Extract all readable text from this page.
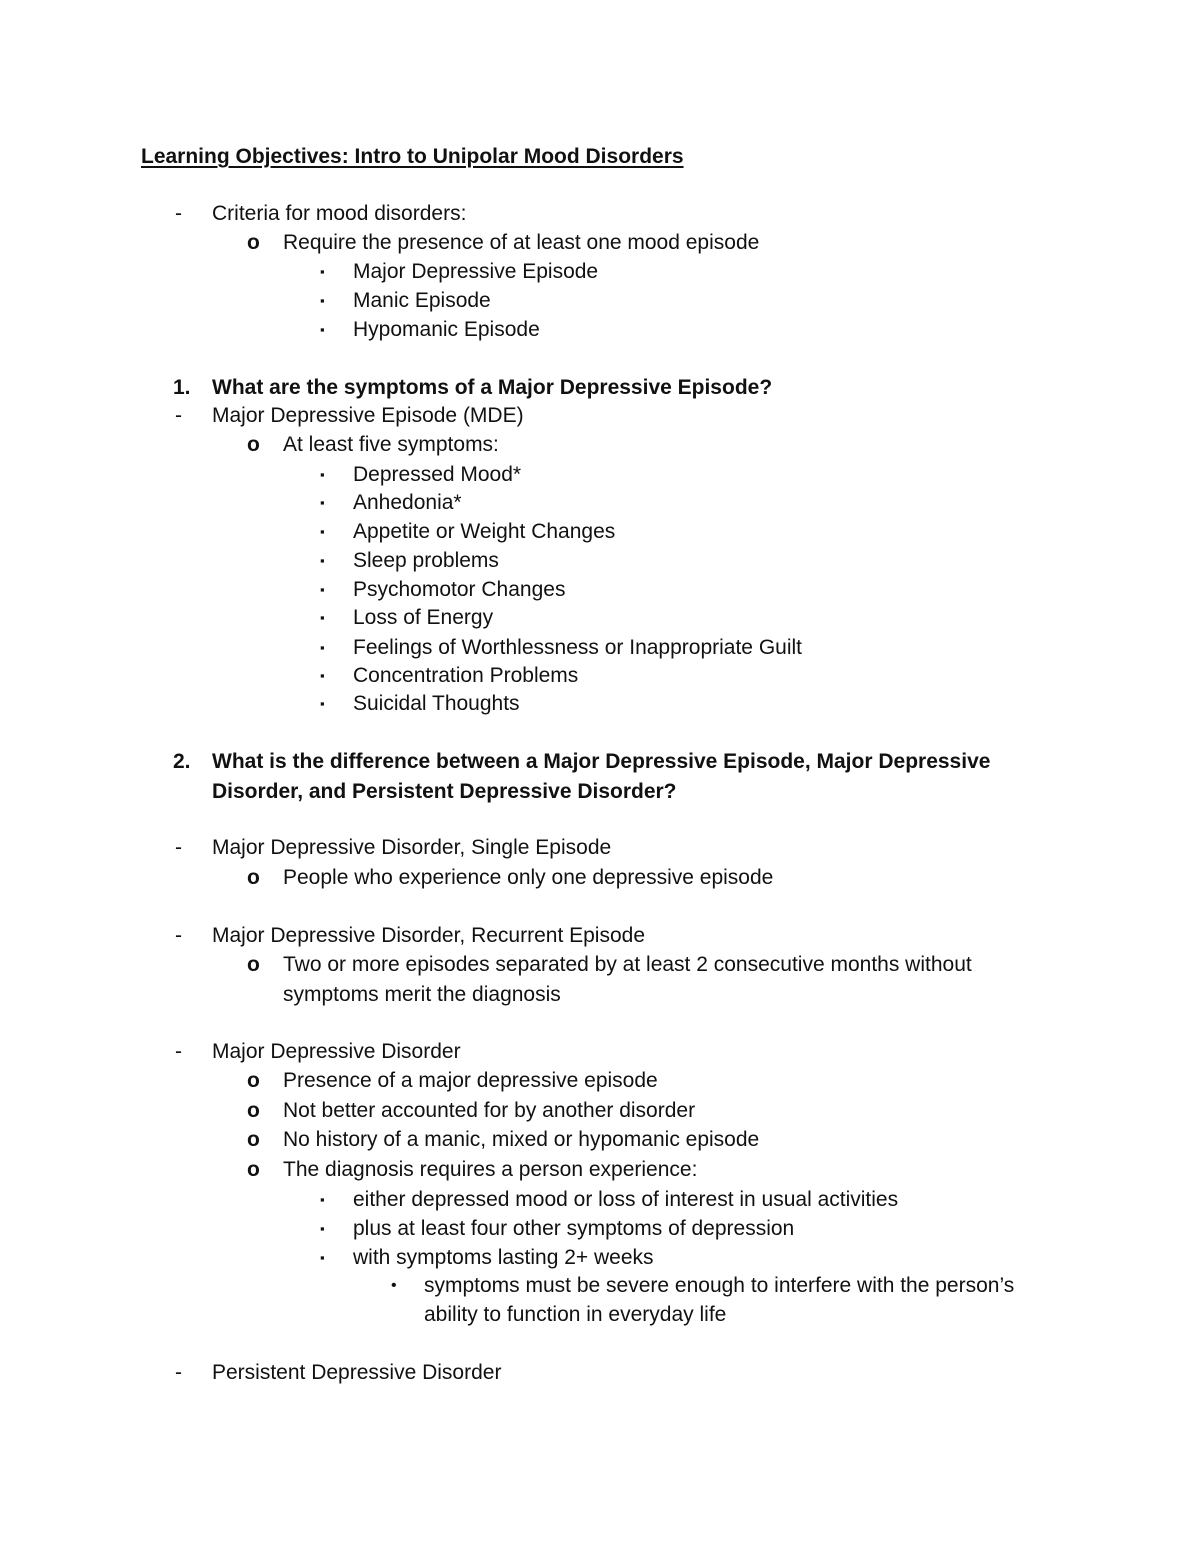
Learning Objectives: Intro to Unipolar Mood Disorders
- Criteria for mood disorders:
o Require the presence of at least one mood episode
▪ Major Depressive Episode
▪ Manic Episode
▪ Hypomanic Episode
1. What are the symptoms of a Major Depressive Episode?
- Major Depressive Episode (MDE)
o At least five symptoms:
▪ Depressed Mood*
▪ Anhedonia*
▪ Appetite or Weight Changes
▪ Sleep problems
▪ Psychomotor Changes
▪ Loss of Energy
▪ Feelings of Worthlessness or Inappropriate Guilt
▪ Concentration Problems
▪ Suicidal Thoughts
2. What is the difference between a Major Depressive Episode, Major Depressive
Disorder, and Persistent Depressive Disorder?
- Major Depressive Disorder, Single Episode
o People who experience only one depressive episode
- Major Depressive Disorder, Recurrent Episode
o Two or more episodes separated by at least 2 consecutive months without
symptoms merit the diagnosis
- Major Depressive Disorder
o Presence of a major depressive episode
o Not better accounted for by another disorder
o No history of a manic, mixed or hypomanic episode
o The diagnosis requires a person experience:
▪ either depressed mood or loss of interest in usual activities
▪ plus at least four other symptoms of depression
▪ with symptoms lasting 2+ weeks
• symptoms must be severe enough to interfere with the person’s
ability to function in everyday life
- Persistent Depressive Disorder
